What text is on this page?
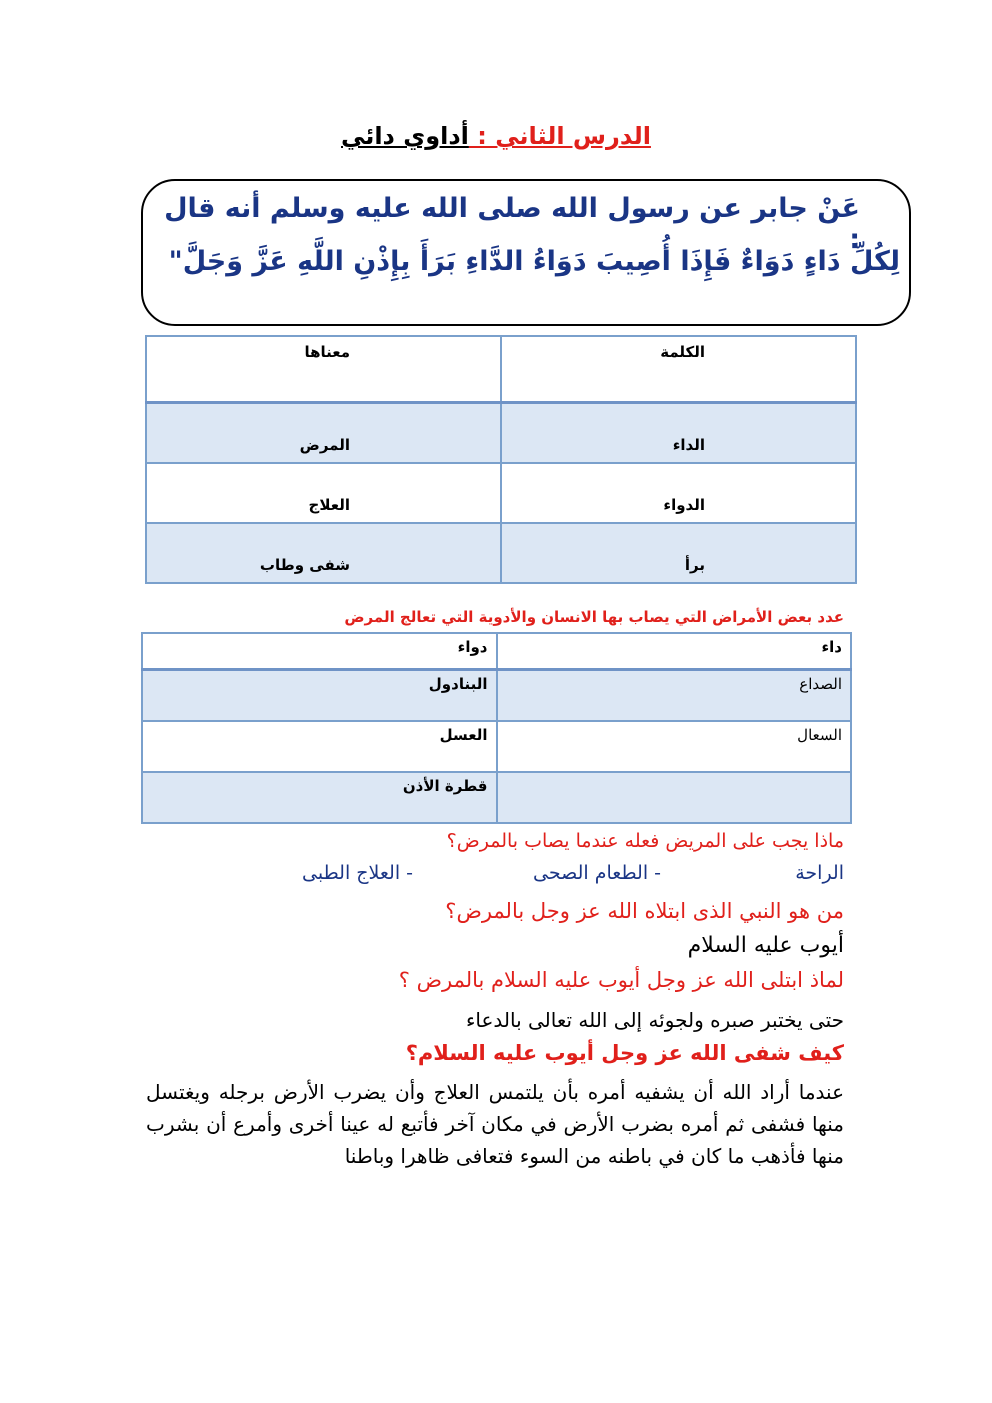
الدرس الثاني : أداوي دائي
عَنْ جابر عن رسول الله صلى الله عليه وسلم أنه قال :
لِكُلِّ دَاءٍ دَوَاءٌ فَإِذَا أُصِيبَ دَوَاءُ الدَّاءِ بَرَأَ بِإِذْنِ اللَّهِ عَزَّ وَجَلَّ"
الكلمة	معناها
الداء	المرض
الدواء	العلاج
برأ	شفى وطاب
عدد بعض الأمراض التي يصاب بها الانسان والأدوية التي تعالج المرض
داء	دواء
الصداع	البنادول
السعال	العسل
	قطرة الأذن
ماذا يجب على المريض فعله عندما يصاب بالمرض؟
الراحة
- الطعام الصحى
- العلاج الطبى
من هو النبي الذى ابتلاه الله عز وجل بالمرض؟
أيوب عليه السلام
لماذ ابتلى الله عز وجل أيوب عليه السلام بالمرض ؟
حتى يختبر صبره ولجوئه إلى الله تعالى بالدعاء
كيف شفى الله عز وجل أيوب عليه السلام؟
عندما أراد الله أن يشفيه أمره بأن يلتمس العلاج وأن يضرب الأرض برجله ويغتسل منها فشفى ثم أمره بضرب الأرض في مكان آخر فأتبع له عينا أخرى وأمرع أن بشرب منها فأذهب ما كان في باطنه من السوء فتعافى ظاهرا وباطنا
